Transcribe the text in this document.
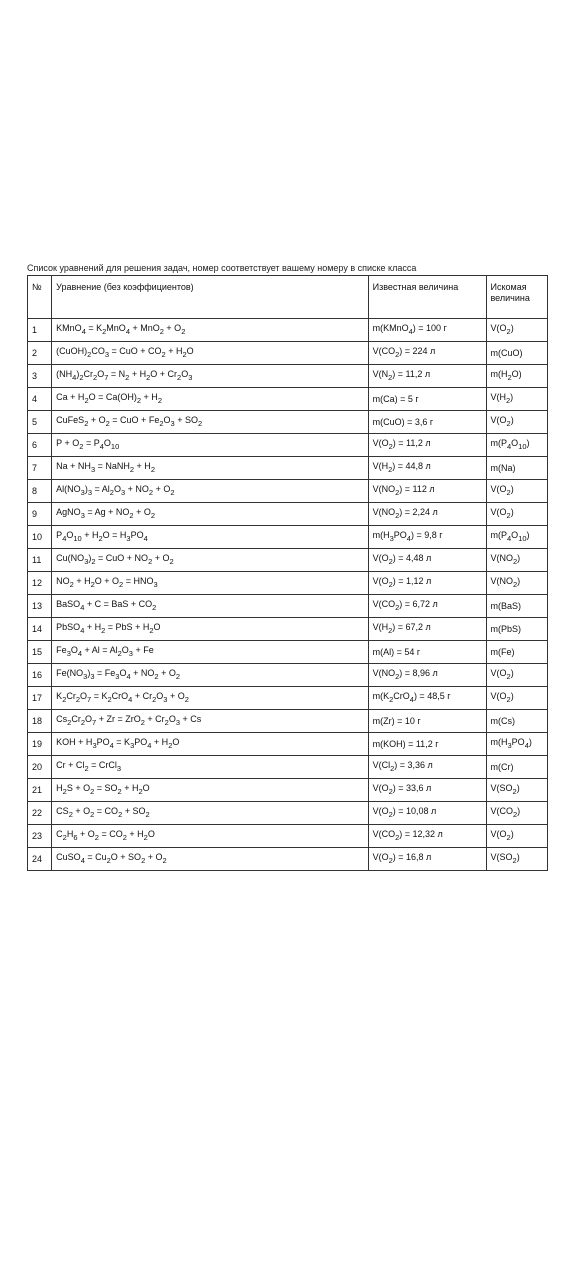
Список уравнений для решения задач, номер соответствует вашему номеру в списке класса
№	Уравнение (без коэффициентов)	Известная величина	Искомая величина
1	KMnO$_4$ = $K_2MnO_4 + MnO_2 + O_2$	m(KMnO$_4$) = 100 г	$V(O_2)$
2	$(CuOH)_2CO_3$ = CuO + $CO_2 + H_2O$	$V(CO_2) = 224$ л	m(CuO)
3	$(NH_4)_2Cr_2O_7 = N_2 + H_2O + Cr_2O_3$	$V(N_2) = 11,2$ л	$m(H_2O)$
4	$Ca + H_2O = Ca(OH)_2 + H_2$	m(Ca) = 5 г	$V(H_2)$
5	CuFeS$_2$ + $O_2$ = CuO + $Fe_2O_3 + SO_2$	m(CuO) = 3,6 г	$V(O_2)$
6	$P + O_2 = P_4O_{10}$	$V(O_2) = 11,2$ л	$m(P_4O_{10})$
7	$Na + NH_3$ = NaNH$_2$ + $H_2$	$V(H_2) = 44,8$ л	m(Na)
8	$Al(NO_3)_3 = Al_2O_3 + NO_2 + O_2$	$V(NO_2) = 112$ л	$V(O_2)$
9	AgNO$_3$ = $Ag + NO_2 + O_2$	$V(NO_2) = 2,24$ л	$V(O_2)$
10	$P_4O_{10} + H_2O = H_3PO_4$	$m(H_3PO_4) = 9,8$ г	$m(P_4O_{10})$
11	$Cu(NO_3)_2$ = CuO + $NO_2 + O_2$	$V(O_2) = 4,48$ л	$V(NO_2)$
12	$NO_2 + H_2O + O_2 = HNO_3$	$V(O_2) = 1,12$ л	$V(NO_2)$
13	BaSO$_4$ + C = BaS + $CO_2$	$V(CO_2) = 6,72$ л	m(BaS)
14	PbSO$_4$ + $H_2$ = PbS + $H_2O$	$V(H_2) = 67,2$ л	m(PbS)
15	$Fe_3O_4 + Al = Al_2O_3 + Fe$	m(Al) = 54 г	m(Fe)
16	$Fe(NO_3)_3 = Fe_3O_4 + NO_2 + O_2$	$V(NO_2) = 8,96$ л	$V(O_2)$
17	$K_2Cr_2O_7 = K_2CrO_4 + Cr_2O_3 + O_2$	$m(K_2CrO_4) = 48,5$ г	$V(O_2)$
18	$Cs_2Cr_2O_7 + Zr = ZrO_2 + Cr_2O_3 + Cs$	m(Zr) = 10 г	m(Cs)
19	KOH + $H_3PO_4 = K_3PO_4 + H_2O$	m(KOH) = 11,2 г	$m(H_3PO_4)$
20	$Cr + Cl_2$ = CrCl$_3$	$V(Cl_2) = 3,36$ л	m(Cr)
21	$H_2S + O_2 = SO_2 + H_2O$	$V(O_2) = 33,6$ л	$V(SO_2)$
22	$CS_2 + O_2 = CO_2 + SO_2$	$V(O_2) = 10,08$ л	$V(CO_2)$
23	$C_2H_6 + O_2 = CO_2 + H_2O$	$V(CO_2) = 12,32$ л	$V(O_2)$
24	CuSO$_4$ = $Cu_2O + SO_2 + O_2$	$V(O_2) = 16,8$ л	$V(SO_2)$
